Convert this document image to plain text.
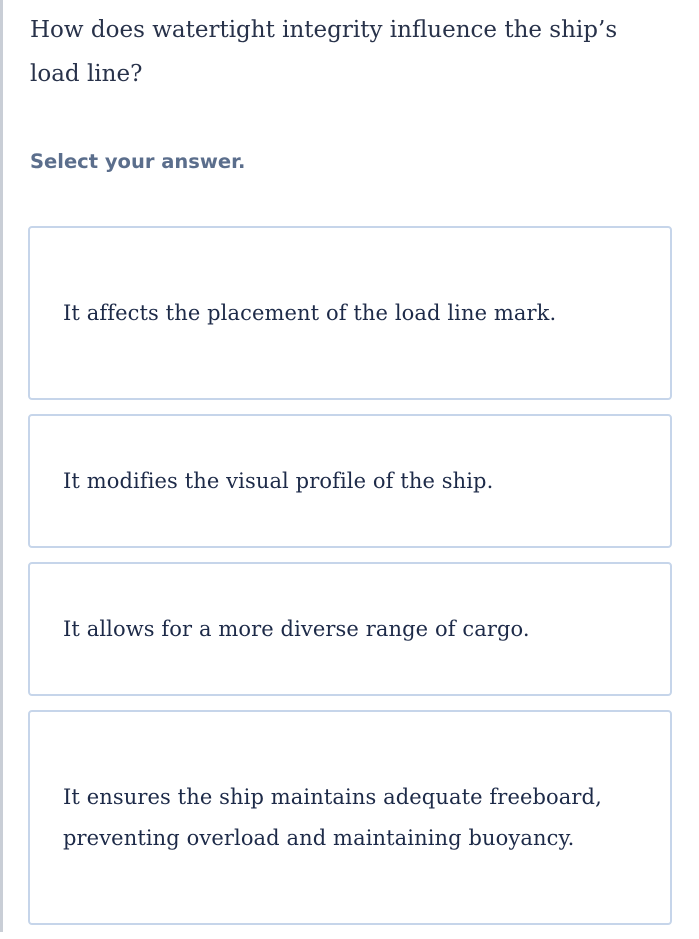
How does watertight integrity influence the ship’s load line?

Select your answer.

It affects the placement of the load line mark.
It modifies the visual profile of the ship.
It allows for a more diverse range of cargo.
It ensures the ship maintains adequate freeboard, preventing overload and maintaining buoyancy.
